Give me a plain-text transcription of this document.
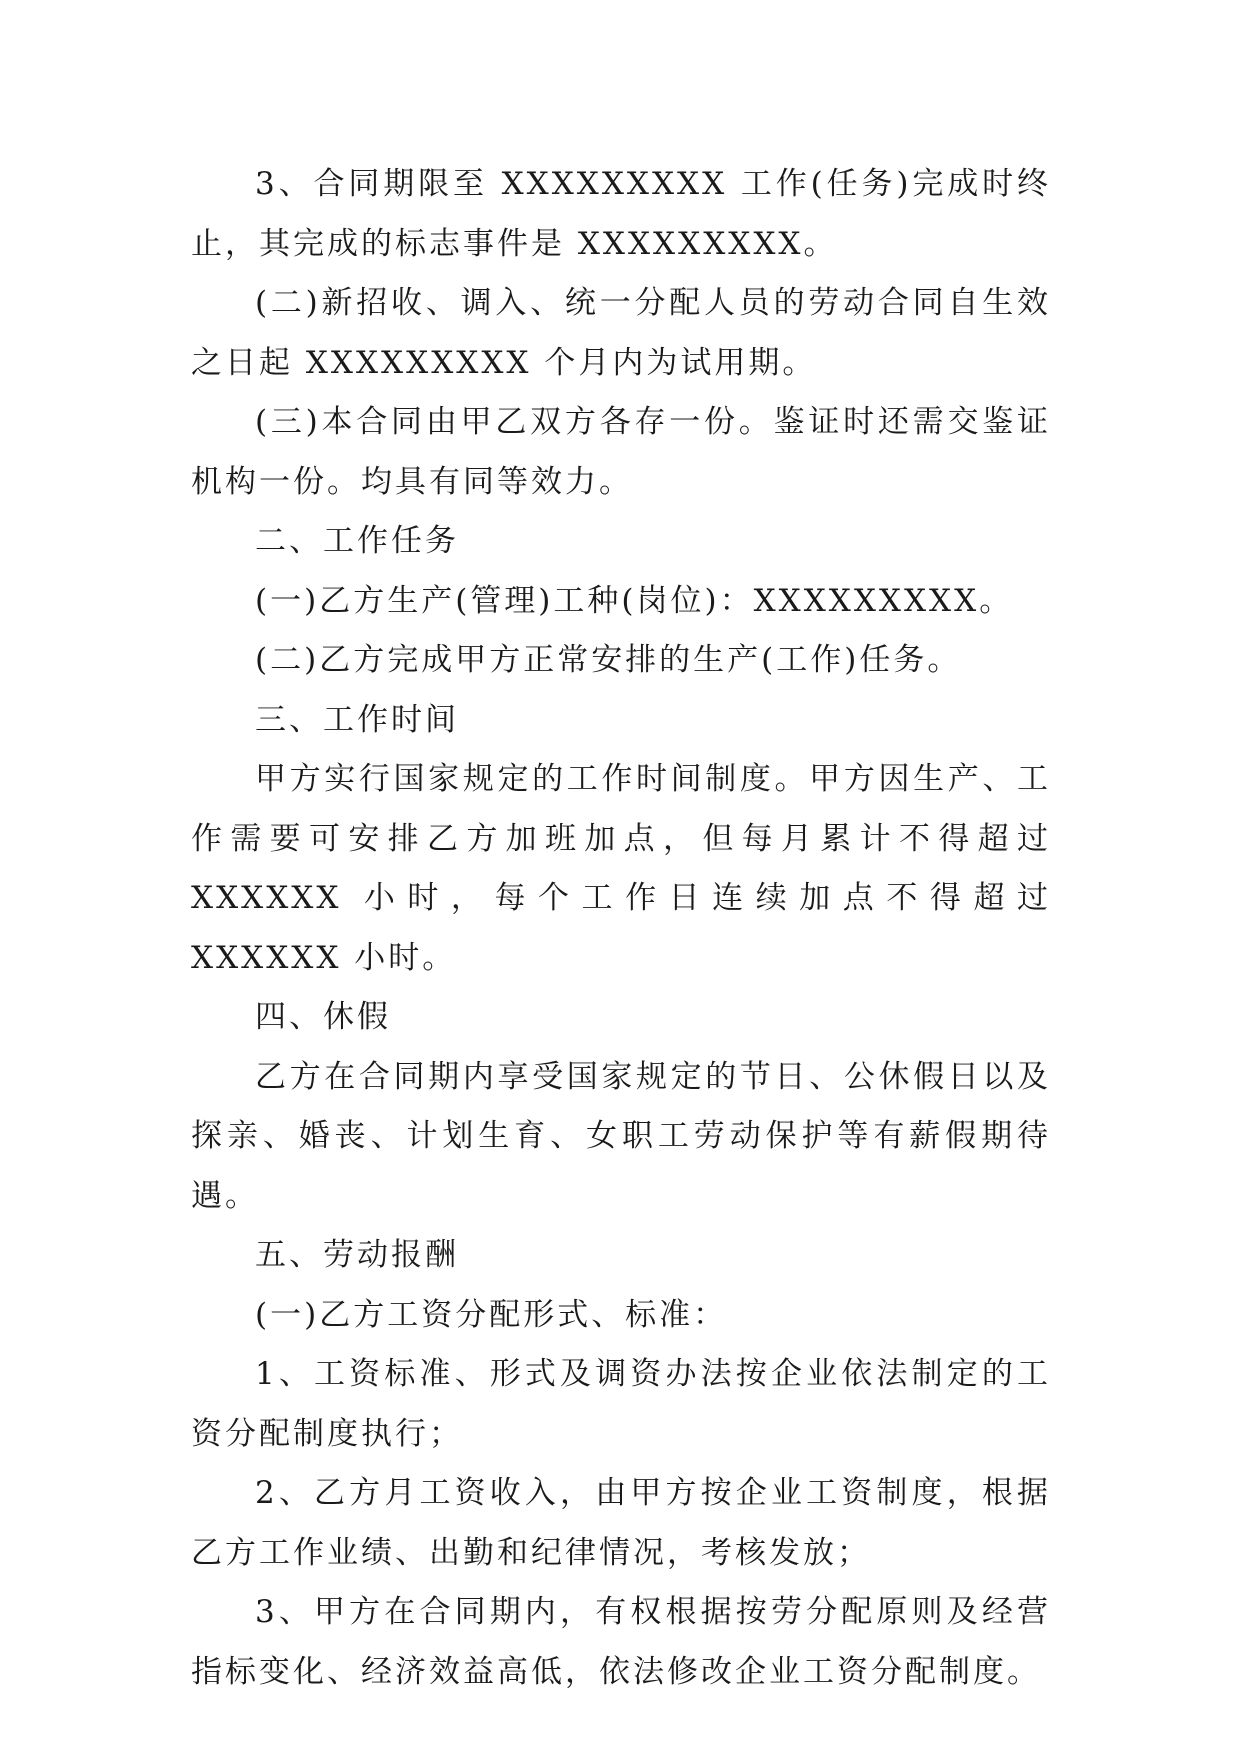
3、合同期限至 XXXXXXXXX 工作(任务)完成时终止，其完成的标志事件是 XXXXXXXXX。

(二)新招收、调入、统一分配人员的劳动合同自生效之日起 XXXXXXXXX 个月内为试用期。

(三)本合同由甲乙双方各存一份。鉴证时还需交鉴证机构一份。均具有同等效力。

二、工作任务

(一)乙方生产(管理)工种(岗位)：XXXXXXXXX。

(二)乙方完成甲方正常安排的生产(工作)任务。

三、工作时间

甲方实行国家规定的工作时间制度。甲方因生产、工作需要可安排乙方加班加点，但每月累计不得超过 XXXXXX 小时，每个工作日连续加点不得超过 XXXXXX 小时。

四、休假

乙方在合同期内享受国家规定的节日、公休假日以及探亲、婚丧、计划生育、女职工劳动保护等有薪假期待遇。

五、劳动报酬

(一)乙方工资分配形式、标准：

1、工资标准、形式及调资办法按企业依法制定的工资分配制度执行；

2、乙方月工资收入，由甲方按企业工资制度，根据乙方工作业绩、出勤和纪律情况，考核发放；

3、甲方在合同期内，有权根据按劳分配原则及经营指标变化、经济效益高低，依法修改企业工资分配制度。
